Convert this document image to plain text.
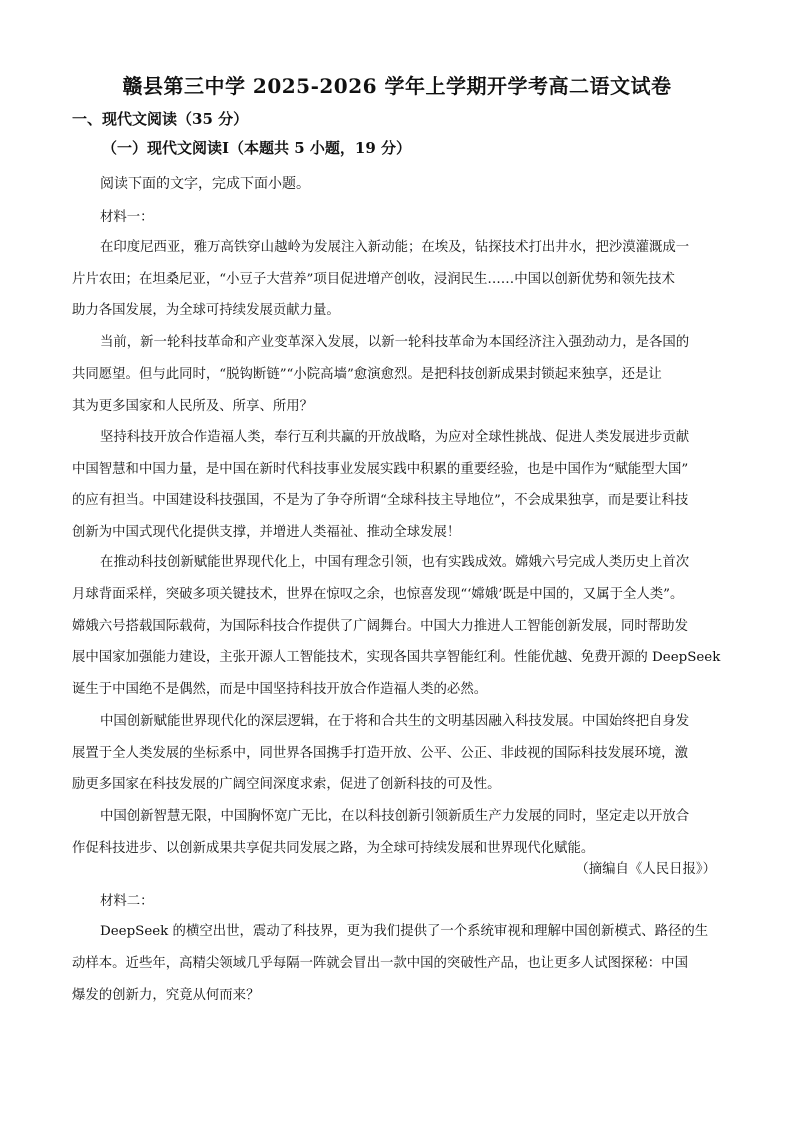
赣县第三中学 2025-2026 学年上学期开学考高二语文试卷
一、现代文阅读（35 分）
（一）现代文阅读Ⅰ（本题共 5 小题，19 分）
阅读下面的文字，完成下面小题。
材料一：
在印度尼西亚，雅万高铁穿山越岭为发展注入新动能；在埃及，钻探技术打出井水，把沙漠灌溉成一
片片农田；在坦桑尼亚，“小豆子大营养”项目促进增产创收，浸润民生……中国以创新优势和领先技术
助力各国发展，为全球可持续发展贡献力量。
当前，新一轮科技革命和产业变革深入发展，以新一轮科技革命为本国经济注入强劲动力，是各国的
共同愿望。但与此同时，“脱钩断链”“小院高墙”愈演愈烈。是把科技创新成果封锁起来独享，还是让
其为更多国家和人民所及、所享、所用？
坚持科技开放合作造福人类，奉行互利共赢的开放战略，为应对全球性挑战、促进人类发展进步贡献
中国智慧和中国力量，是中国在新时代科技事业发展实践中积累的重要经验，也是中国作为“赋能型大国”
的应有担当。中国建设科技强国，不是为了争夺所谓“全球科技主导地位”，不会成果独享，而是要让科技
创新为中国式现代化提供支撑，并增进人类福祉、推动全球发展！
在推动科技创新赋能世界现代化上，中国有理念引领，也有实践成效。嫦娥六号完成人类历史上首次
月球背面采样，突破多项关键技术，世界在惊叹之余，也惊喜发现“‘嫦娥’既是中国的，又属于全人类”。
嫦娥六号搭载国际载荷，为国际科技合作提供了广阔舞台。中国大力推进人工智能创新发展，同时帮助发
展中国家加强能力建设，主张开源人工智能技术，实现各国共享智能红利。性能优越、免费开源的 DeepSeek
诞生于中国绝不是偶然，而是中国坚持科技开放合作造福人类的必然。
中国创新赋能世界现代化的深层逻辑，在于将和合共生的文明基因融入科技发展。中国始终把自身发
展置于全人类发展的坐标系中，同世界各国携手打造开放、公平、公正、非歧视的国际科技发展环境，激
励更多国家在科技发展的广阔空间深度求索，促进了创新科技的可及性。
中国创新智慧无限，中国胸怀宽广无比，在以科技创新引领新质生产力发展的同时，坚定走以开放合
作促科技进步、以创新成果共享促共同发展之路，为全球可持续发展和世界现代化赋能。
（摘编自《人民日报》）
材料二：
DeepSeek 的横空出世，震动了科技界，更为我们提供了一个系统审视和理解中国创新模式、路径的生
动样本。近些年，高精尖领域几乎每隔一阵就会冒出一款中国的突破性产品，也让更多人试图探秘：中国
爆发的创新力，究竟从何而来？
